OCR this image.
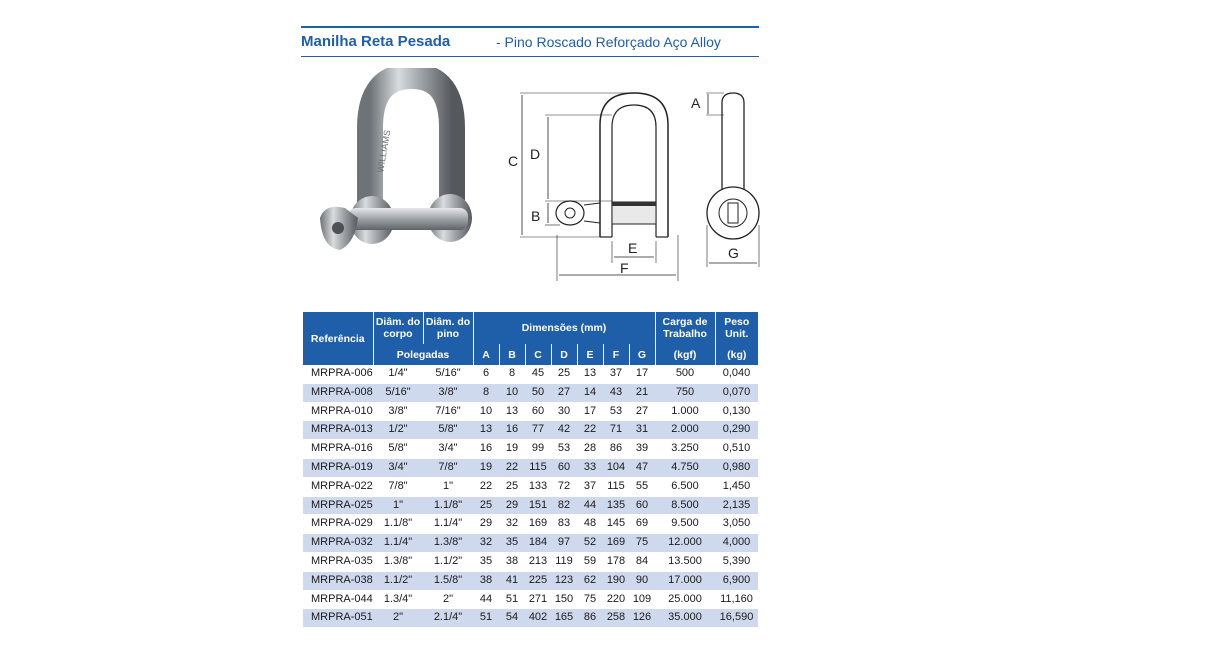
Manilha Reta Pesada	- Pino Roscado Reforçado Aço Alloy
WILLIAMS	C D
B
E
F
A
G
Referência	Diâm. do corpo	Diâm. do pino	Dimensões (mm)							Carga de Trabalho	Peso Unit.
	Polegadas		A	B	C	D	E	F	G	(kgf)	(kg)
MRPRA-006	1/4"	5/16"	6	8	45	25	13	37	17	500	0,040
MRPRA-008	5/16"	3/8"	8	10	50	27	14	43	21	750	0,070
MRPRA-010	3/8"	7/16"	10	13	60	30	17	53	27	1.000	0,130
MRPRA-013	1/2"	5/8"	13	16	77	42	22	71	31	2.000	0,290
MRPRA-016	5/8"	3/4"	16	19	99	53	28	86	39	3.250	0,510
MRPRA-019	3/4"	7/8"	19	22	115	60	33	104	47	4.750	0,980
MRPRA-022	7/8"	1"	22	25	133	72	37	115	55	6.500	1,450
MRPRA-025	1"	1.1/8"	25	29	151	82	44	135	60	8.500	2,135
MRPRA-029	1.1/8"	1.1/4"	29	32	169	83	48	145	69	9.500	3,050
MRPRA-032	1.1/4"	1.3/8"	32	35	184	97	52	169	75	12.000	4,000
MRPRA-035	1.3/8"	1.1/2"	35	38	213	119	59	178	84	13.500	5,390
MRPRA-038	1.1/2"	1.5/8"	38	41	225	123	62	190	90	17.000	6,900
MRPRA-044	1.3/4"	2"	44	51	271	150	75	220	109	25.000	11,160
MRPRA-051	2"	2.1/4"	51	54	402	165	86	258	126	35.000	16,590
